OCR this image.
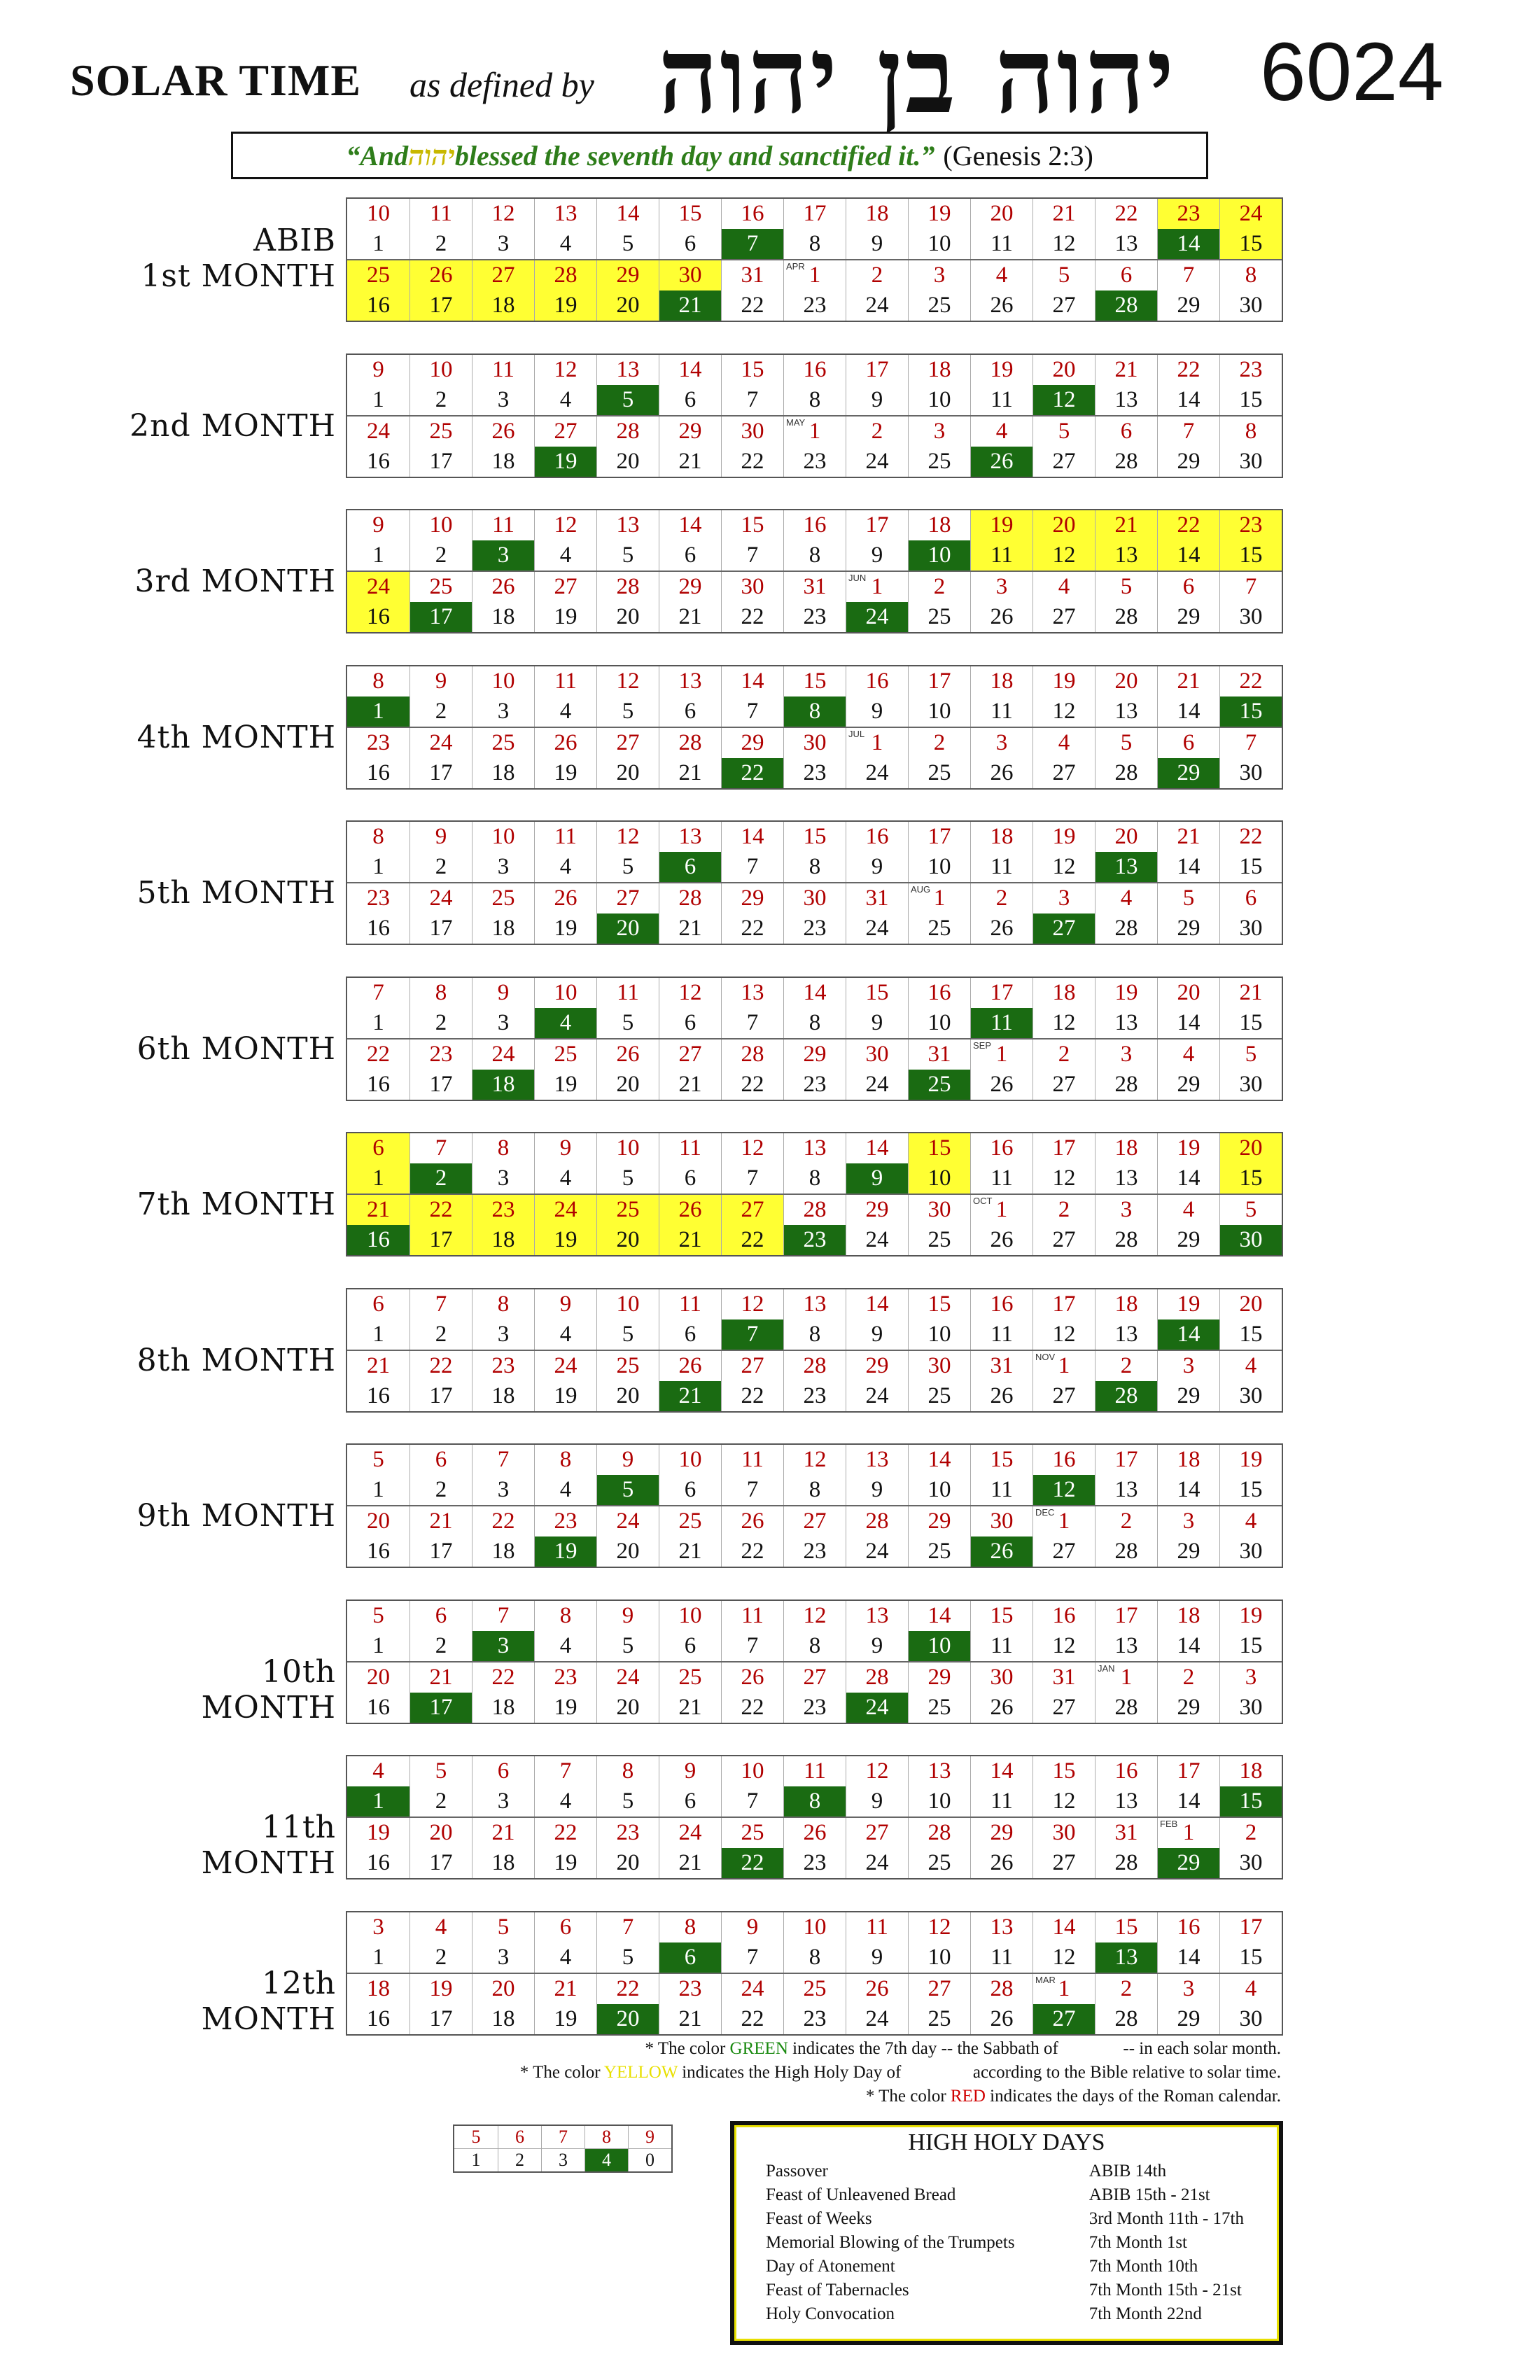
SOLAR TIME as defined by יהוה בן יהוה 6024
“And יהוה blessed the seventh day and sanctified it.” (Genesis 2:3)
ABIB
1st MONTH
10 11 12 13 14 15 16 17 18 19 20 21 22 23 24
1 2 3 4 5 6 7 8 9 10 11 12 13 14 15
25 26 27 28 29 30 31 APR 1 2 3 4 5 6 7 8
16 17 18 19 20 21 22 23 24 25 26 27 28 29 30
2nd MONTH
9 10 11 12 13 14 15 16 17 18 19 20 21 22 23
1 2 3 4 5 6 7 8 9 10 11 12 13 14 15
24 25 26 27 28 29 30 MAY 1 2 3 4 5 6 7 8
16 17 18 19 20 21 22 23 24 25 26 27 28 29 30
3rd MONTH
9 10 11 12 13 14 15 16 17 18 19 20 21 22 23
1 2 3 4 5 6 7 8 9 10 11 12 13 14 15
24 25 26 27 28 29 30 31 JUN 1 2 3 4 5 6 7
16 17 18 19 20 21 22 23 24 25 26 27 28 29 30
4th MONTH
8 9 10 11 12 13 14 15 16 17 18 19 20 21 22
1 2 3 4 5 6 7 8 9 10 11 12 13 14 15
23 24 25 26 27 28 29 30 JUL 1 2 3 4 5 6 7
16 17 18 19 20 21 22 23 24 25 26 27 28 29 30
5th MONTH
8 9 10 11 12 13 14 15 16 17 18 19 20 21 22
1 2 3 4 5 6 7 8 9 10 11 12 13 14 15
23 24 25 26 27 28 29 30 31 AUG 1 2 3 4 5 6
16 17 18 19 20 21 22 23 24 25 26 27 28 29 30
6th MONTH
7 8 9 10 11 12 13 14 15 16 17 18 19 20 21
1 2 3 4 5 6 7 8 9 10 11 12 13 14 15
22 23 24 25 26 27 28 29 30 31 SEP 1 2 3 4 5
16 17 18 19 20 21 22 23 24 25 26 27 28 29 30
7th MONTH
6 7 8 9 10 11 12 13 14 15 16 17 18 19 20
1 2 3 4 5 6 7 8 9 10 11 12 13 14 15
21 22 23 24 25 26 27 28 29 30 OCT 1 2 3 4 5
16 17 18 19 20 21 22 23 24 25 26 27 28 29 30
8th MONTH
6 7 8 9 10 11 12 13 14 15 16 17 18 19 20
1 2 3 4 5 6 7 8 9 10 11 12 13 14 15
21 22 23 24 25 26 27 28 29 30 31 NOV 1 2 3 4
16 17 18 19 20 21 22 23 24 25 26 27 28 29 30
9th MONTH
5 6 7 8 9 10 11 12 13 14 15 16 17 18 19
1 2 3 4 5 6 7 8 9 10 11 12 13 14 15
20 21 22 23 24 25 26 27 28 29 30 DEC 1 2 3 4
16 17 18 19 20 21 22 23 24 25 26 27 28 29 30
10th MONTH
5 6 7 8 9 10 11 12 13 14 15 16 17 18 19
1 2 3 4 5 6 7 8 9 10 11 12 13 14 15
20 21 22 23 24 25 26 27 28 29 30 31 JAN 1 2 3
16 17 18 19 20 21 22 23 24 25 26 27 28 29 30
11th MONTH
4 5 6 7 8 9 10 11 12 13 14 15 16 17 18
1 2 3 4 5 6 7 8 9 10 11 12 13 14 15
19 20 21 22 23 24 25 26 27 28 29 30 31 FEB 1 2
16 17 18 19 20 21 22 23 24 25 26 27 28 29 30
12th MONTH
3 4 5 6 7 8 9 10 11 12 13 14 15 16 17
1 2 3 4 5 6 7 8 9 10 11 12 13 14 15
18 19 20 21 22 23 24 25 26 27 28 MAR 1 2 3 4
16 17 18 19 20 21 22 23 24 25 26 27 28 29 30
* The color GREEN indicates the 7th day -- the Sabbath of	-- in each solar month.
* The color YELLOW indicates the High Holy Day of	according to the Bible relative to solar time.
* The color RED indicates the days of the Roman calendar.
5	6	7	8	9
1	2	3	4	0
HIGH HOLY DAYS
Passover	ABIB 14th
Feast of Unleavened Bread	ABIB 15th - 21st
Feast of Weeks	3rd Month 11th - 17th
Memorial Blowing of the Trumpets	7th Month 1st
Day of Atonement	7th Month 10th
Feast of Tabernacles	7th Month 15th - 21st
Holy Convocation	7th Month 22nd
